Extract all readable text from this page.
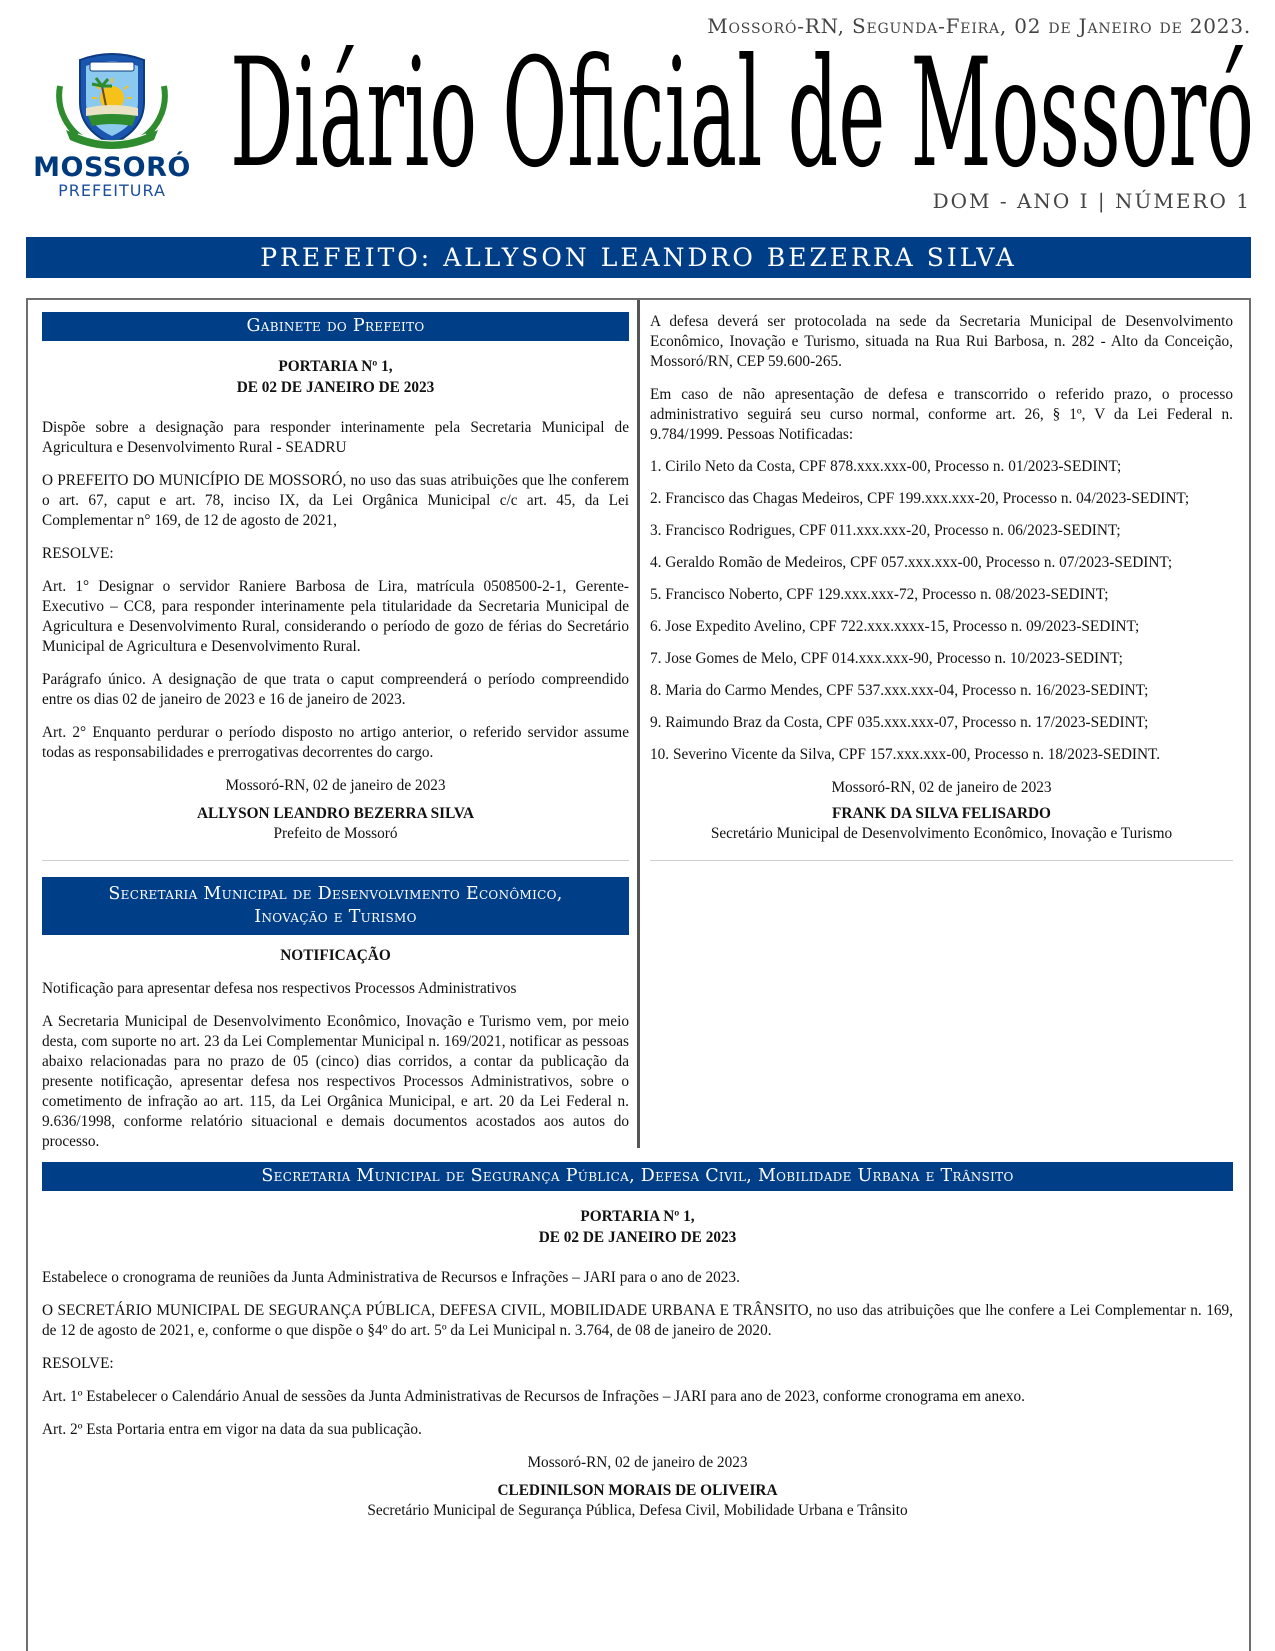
Mossoró-RN, Segunda-Feira, 02 de Janeiro de 2023.
MOSSORÓ
PREFEITURA Diário Oficial de Mossoró
DOM - ANO I | NÚMERO 1
PREFEITO: ALLYSON LEANDRO BEZERRA SILVA
Gabinete do Prefeito
PORTARIA Nº 1,
DE 02 DE JANEIRO DE 2023

Dispõe sobre a designação para responder interinamente pela Secretaria Municipal de Agricultura e Desenvolvimento Rural - SEADRU

O PREFEITO DO MUNICÍPIO DE MOSSORÓ, no uso das suas atribuições que lhe conferem o art. 67, caput e art. 78, inciso IX, da Lei Orgânica Municipal c/c art. 45, da Lei Complementar n° 169, de 12 de agosto de 2021,

RESOLVE:

Art. 1° Designar o servidor Raniere Barbosa de Lira, matrícula 0508500-2-1, Gerente-Executivo – CC8, para responder interinamente pela titularidade da Secretaria Municipal de Agricultura e Desenvolvimento Rural, considerando o período de gozo de férias do Secretário Municipal de Agricultura e Desenvolvimento Rural.

Parágrafo único. A designação de que trata o caput compreenderá o período compreendido entre os dias 02 de janeiro de 2023 e 16 de janeiro de 2023.

Art. 2° Enquanto perdurar o período disposto no artigo anterior, o referido servidor assume todas as responsabilidades e prerrogativas decorrentes do cargo.

Mossoró-RN, 02 de janeiro de 2023

ALLYSON LEANDRO BEZERRA SILVA

Prefeito de Mossoró

Secretaria Municipal de Desenvolvimento Econômico,
Inovação e Turismo

NOTIFICAÇÃO

Notificação para apresentar defesa nos respectivos Processos Administrativos

A Secretaria Municipal de Desenvolvimento Econômico, Inovação e Turismo vem, por meio desta, com suporte no art. 23 da Lei Complementar Municipal n. 169/2021, notificar as pessoas abaixo relacionadas para no prazo de 05 (cinco) dias corridos, a contar da publicação da presente notificação, apresentar defesa nos respectivos Processos Administrativos, sobre o cometimento de infração ao art. 115, da Lei Orgânica Municipal, e art. 20 da Lei Federal n. 9.636/1998, conforme relatório situacional e demais documentos acostados aos autos do processo.

A defesa deverá ser protocolada na sede da Secretaria Municipal de Desenvolvimento Econômico, Inovação e Turismo, situada na Rua Rui Barbosa, n. 282 - Alto da Conceição, Mossoró/RN, CEP 59.600-265.

Em caso de não apresentação de defesa e transcorrido o referido prazo, o processo administrativo seguirá seu curso normal, conforme art. 26, § 1º, V da Lei Federal n. 9.784/1999. Pessoas Notificadas:

1. Cirilo Neto da Costa, CPF 878.xxx.xxx-00, Processo n. 01/2023-SEDINT;

2. Francisco das Chagas Medeiros, CPF 199.xxx.xxx-20, Processo n. 04/2023-SEDINT;

3. Francisco Rodrigues, CPF 011.xxx.xxx-20, Processo n. 06/2023-SEDINT;

4. Geraldo Romão de Medeiros, CPF 057.xxx.xxx-00, Processo n. 07/2023-SEDINT;

5. Francisco Noberto, CPF 129.xxx.xxx-72, Processo n. 08/2023-SEDINT;

6. Jose Expedito Avelino, CPF 722.xxx.xxxx-15, Processo n. 09/2023-SEDINT;

7. Jose Gomes de Melo, CPF 014.xxx.xxx-90, Processo n. 10/2023-SEDINT;

8. Maria do Carmo Mendes, CPF 537.xxx.xxx-04, Processo n. 16/2023-SEDINT;

9. Raimundo Braz da Costa, CPF 035.xxx.xxx-07, Processo n. 17/2023-SEDINT;

10. Severino Vicente da Silva, CPF 157.xxx.xxx-00, Processo n. 18/2023-SEDINT.

Mossoró-RN, 02 de janeiro de 2023

FRANK DA SILVA FELISARDO

Secretário Municipal de Desenvolvimento Econômico, Inovação e Turismo

Secretaria Municipal de Segurança Pública, Defesa Civil, Mobilidade Urbana e Trânsito
PORTARIA Nº 1,
DE 02 DE JANEIRO DE 2023

Estabelece o cronograma de reuniões da Junta Administrativa de Recursos e Infrações – JARI para o ano de 2023.

O SECRETÁRIO MUNICIPAL DE SEGURANÇA PÚBLICA, DEFESA CIVIL, MOBILIDADE URBANA E TRÂNSITO, no uso das atribuições que lhe confere a Lei Complementar n. 169, de 12 de agosto de 2021, e, conforme o que dispõe o §4º do art. 5º da Lei Municipal n. 3.764, de 08 de janeiro de 2020.

RESOLVE:

Art. 1º Estabelecer o Calendário Anual de sessões da Junta Administrativas de Recursos de Infrações – JARI para ano de 2023, conforme cronograma em anexo.

Art. 2º Esta Portaria entra em vigor na data da sua publicação.

Mossoró-RN, 02 de janeiro de 2023

CLEDINILSON MORAIS DE OLIVEIRA

Secretário Municipal de Segurança Pública, Defesa Civil, Mobilidade Urbana e Trânsito
